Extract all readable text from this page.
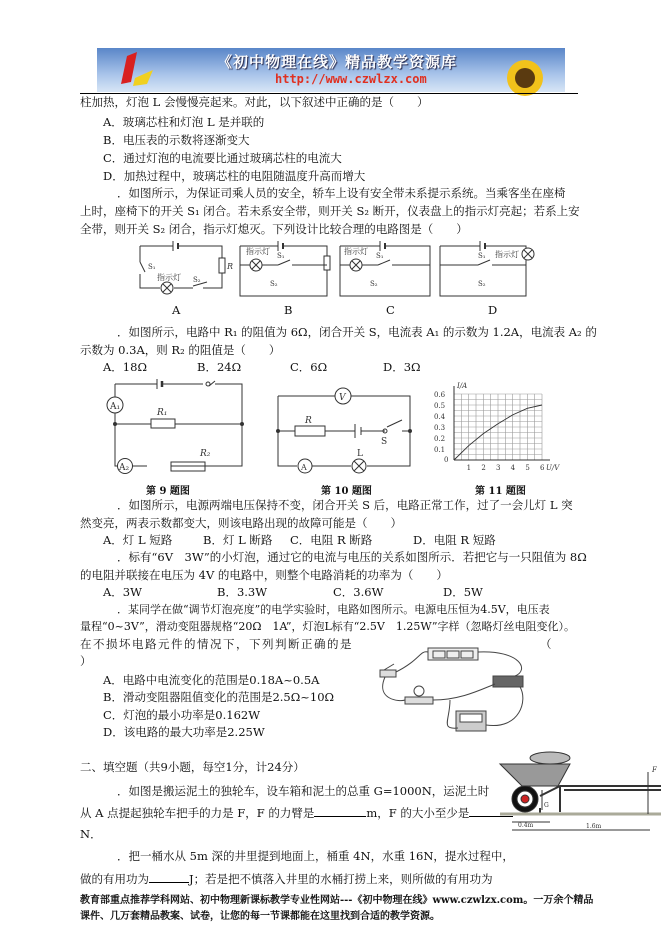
《初中物理在线》精品教学资源库
http://www.czwlzx.com
柱加热，灯泡 L 会慢慢亮起来。对此，以下叙述中正确的是（　　）
A．玻璃芯柱和灯泡 L 是并联的
B．电压表的示数将逐渐变大
C．通过灯泡的电流要比通过玻璃芯柱的电流大
D．加热过程中，玻璃芯柱的电阻随温度升高而增大
．如图所示，为保证司乘人员的安全，轿车上设有安全带未系提示系统。当乘客坐在座椅
上时，座椅下的开关 S₁ 闭合。若未系安全带，则开关 S₂ 断开，仪表盘上的指示灯亮起；若系上安
全带，则开关 S₂ 闭合，指示灯熄灭。下列设计比较合理的电路图是（　　）
S₁
指示灯 S₂
R
指示灯 S₁
S₂
指示灯 S₁
S₂
指示灯
S₁
S₂
A	B	C	D
．如图所示，电路中 R₁ 的阻值为 6Ω，闭合开关 S，电流表 A₁ 的示数为 1.2A，电流表 A₂ 的
示数为 0.3A，则 R₂ 的阻值是（　　）
A．18Ω	B．24Ω	C．6Ω	D．3Ω
A₁
A₂
R₁
R₂
第 9 题图
V
A
R
S
L
第 10 题图
1 2 3 4 5 6
0.1
0.2
0.3
0.4
0.5
0.6
0
U/V
I/A
第 11 题图
．如图所示，电源两端电压保持不变，闭合开关 S 后，电路正常工作，过了一会儿灯 L 突
然变亮，两表示数都变大，则该电路出现的故障可能是（　　）
A．灯 L 短路	B．灯 L 断路 C．电阻 R 断路	D．电阻 R 短路
．标有“6V　3W”的小灯泡，通过它的电流与电压的关系如图所示．若把它与一只阻值为 8Ω
的电阻并联接在电压为 4V 的电路中，则整个电路消耗的功率为（　　）
A．3W	B．3.3W	C．3.6W	D．5W
．某同学在做“调节灯泡亮度”的电学实验时，电路如图所示。电源电压恒为4.5V，电压表
量程“0~3V”，滑动变阻器规格“20Ω　1A”，灯泡L标有“2.5V　1.25W”字样（忽略灯丝电阻变化）。
在不损坏电路元件的情况下，下列判断正确的是	（
）
A．电路中电流变化的范围是0.18A~0.5A
B．滑动变阻器阻值变化的范围是2.5Ω~10Ω
C．灯泡的最小功率是0.162W
D．该电路的最大功率是2.25W
二、填空题（共9小题，每空1分，计24分）
．如图是搬运泥土的独轮车，设车箱和泥土的总重 G=1000N，运泥土时
从 A 点提起独轮车把手的力是 F，F 的力臂是	m，F 的大小至少是
N．
．把一桶水从 5m 深的井里提到地面上，桶重 4N，水重 16N，提水过程中，
做的有用功为	J；若是把不慎落入井里的水桶打捞上来，则所做的有用功为
G
F
0.4m	1.6m
教育部重点推荐学科网站、初中物理新课标教学专业性网站---《初中物理在线》www.czwlzx.com。一万余个精品
课件、几万套精品教案、试卷，让您的每一节课都能在这里找到合适的教学资源。
